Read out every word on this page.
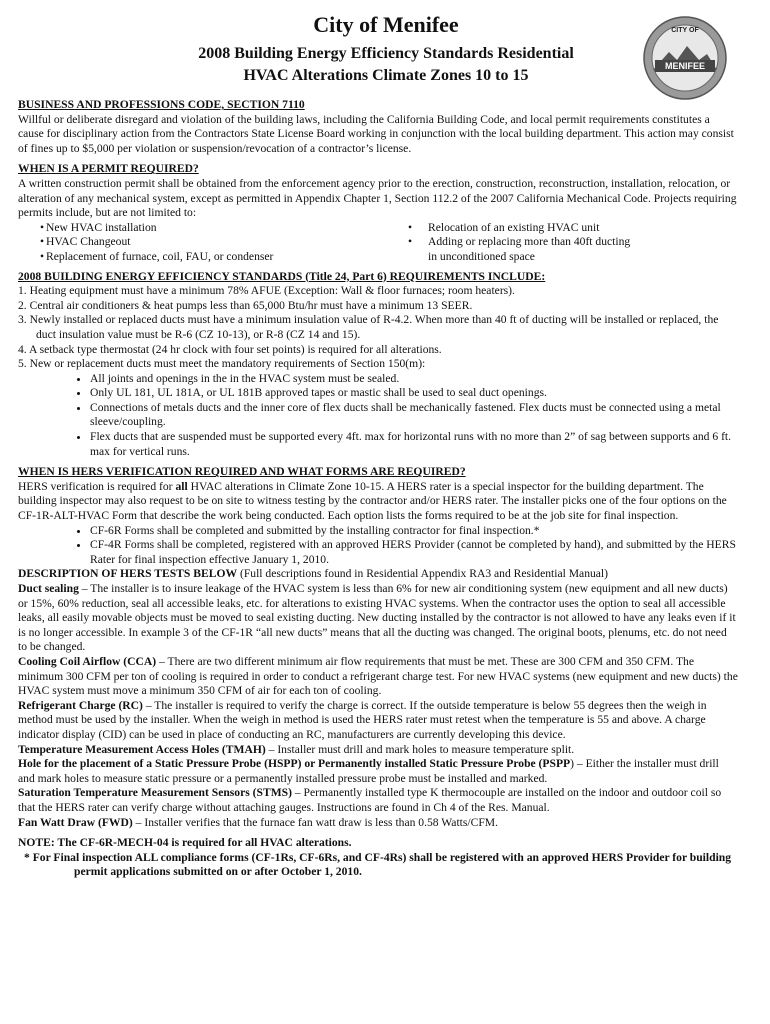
City of Menifee
2008 Building Energy Efficiency Standards Residential
HVAC Alterations Climate Zones 10 to 15
MENIFEE
CITY OF
BUSINESS AND PROFESSIONS CODE, SECTION 7110

Willful or deliberate disregard and violation of the building laws, including the California Building Code, and local permit requirements constitutes a cause for disciplinary action from the Contractors State License Board working in conjunction with the local building department. This action may consist of fines up to $5,000 per violation or suspension/revocation of a contractor’s license.

WHEN IS A PERMIT REQUIRED?

A written construction permit shall be obtained from the enforcement agency prior to the erection, construction, reconstruction, installation, relocation, or alteration of any mechanical system, except as permitted in Appendix Chapter 1, Section 112.2 of the 2007 California Mechanical Code. Projects requiring permits include, but are not limited to:

• New HVAC installation	• Relocation of an existing HVAC unit
• HVAC Changeout	• Adding or replacing more than 40ft ducting
• Replacement of furnace, coil, FAU, or condenser	in unconditioned space
2008 BUILDING ENERGY EFFICIENCY STANDARDS (Title 24, Part 6) REQUIREMENTS INCLUDE:
1. Heating equipment must have a minimum 78% AFUE (Exception: Wall & floor furnaces; room heaters).
2. Central air conditioners & heat pumps less than 65,000 Btu/hr must have a minimum 13 SEER.
3. Newly installed or replaced ducts must have a minimum insulation value of R-4.2. When more than 40 ft of ducting will be installed or replaced, the duct insulation value must be R-6 (CZ 10-13), or R-8 (CZ 14 and 15).
4. A setback type thermostat (24 hr clock with four set points) is required for all alterations.
5. New or replacement ducts must meet the mandatory requirements of Section 150(m):
• All joints and openings in the in the HVAC system must be sealed.
• Only UL 181, UL 181A, or UL 181B approved tapes or mastic shall be used to seal duct openings.
• Connections of metals ducts and the inner core of flex ducts shall be mechanically fastened. Flex ducts must be connected using a metal sleeve/coupling.
• Flex ducts that are suspended must be supported every 4ft. max for horizontal runs with no more than 2” of sag between supports and 6 ft. max for vertical runs.
WHEN IS HERS VERIFICATION REQUIRED AND WHAT FORMS ARE REQUIRED?

HERS verification is required for all HVAC alterations in Climate Zone 10-15. A HERS rater is a special inspector for the building department. The building inspector may also request to be on site to witness testing by the contractor and/or HERS rater. The installer picks one of the four options on the CF-1R-ALT-HVAC Form that describe the work being conducted. Each option lists the forms required to be at the job site for final inspection.

• CF-6R Forms shall be completed and submitted by the installing contractor for final inspection.*
• CF-4R Forms shall be completed, registered with an approved HERS Provider (cannot be completed by hand), and submitted by the HERS Rater for final inspection effective January 1, 2010.

DESCRIPTION OF HERS TESTS BELOW (Full descriptions found in Residential Appendix RA3 and Residential Manual)

Duct sealing – The installer is to insure leakage of the HVAC system is less than 6% for new air conditioning system (new equipment and all new ducts) or 15%, 60% reduction, seal all accessible leaks, etc. for alterations to existing HVAC systems. When the contractor uses the option to seal all accessible leaks, all easily movable objects must be moved to seal existing ducting. New ducting installed by the contractor is not allowed to have any leaks even if it is no longer accessible. In example 3 of the CF-1R “all new ducts” means that all the ducting was changed. The original boots, plenums, etc. do not need to be changed.

Cooling Coil Airflow (CCA) – There are two different minimum air flow requirements that must be met. These are 300 CFM and 350 CFM. The minimum 300 CFM per ton of cooling is required in order to conduct a refrigerant charge test. For new HVAC systems (new equipment and new ducts) the HVAC system must move a minimum 350 CFM of air for each ton of cooling.

Refrigerant Charge (RC) – The installer is required to verify the charge is correct. If the outside temperature is below 55 degrees then the weigh in method must be used by the installer. When the weigh in method is used the HERS rater must retest when the temperature is 55 and above. A charge indicator display (CID) can be used in place of conducting an RC, manufacturers are currently developing this device.

Temperature Measurement Access Holes (TMAH) – Installer must drill and mark holes to measure temperature split.

Hole for the placement of a Static Pressure Probe (HSPP) or Permanently installed Static Pressure Probe (PSPP) – Either the installer must drill and mark holes to measure static pressure or a permanently installed pressure probe must be installed and marked.

Saturation Temperature Measurement Sensors (STMS) – Permanently installed type K thermocouple are installed on the indoor and outdoor coil so that the HERS rater can verify charge without attaching gauges. Instructions are found in Ch 4 of the Res. Manual.

Fan Watt Draw (FWD) – Installer verifies that the furnace fan watt draw is less than 0.58 Watts/CFM.

NOTE: The CF-6R-MECH-04 is required for all HVAC alterations.

* For Final inspection ALL compliance forms (CF-1Rs, CF-6Rs, and CF-4Rs) shall be registered with an approved HERS Provider for building permit applications submitted on or after October 1, 2010.
